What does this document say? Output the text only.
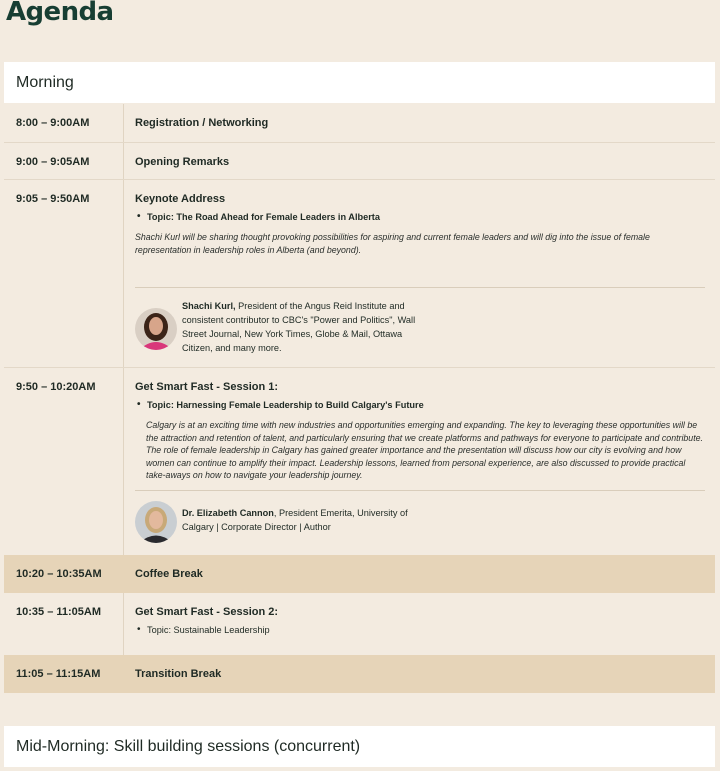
Agenda
Morning
8:00 – 9:00AM	Registration / Networking
9:00 – 9:05AM	Opening Remarks
9:05 – 9:50AM	Keynote Address
• Topic: The Road Ahead for Female Leaders in Alberta
Shachi Kurl will be sharing thought provoking possibilities for aspiring and current female leaders and will dig into the issue of female representation in leadership roles in Alberta (and beyond).
Shachi Kurl, President of the Angus Reid Institute and consistent contributor to CBC's "Power and Politics", Wall Street Journal, New York Times, Globe & Mail, Ottawa Citizen, and many more.
9:50 – 10:20AM	Get Smart Fast - Session 1:
• Topic: Harnessing Female Leadership to Build Calgary's Future
Calgary is at an exciting time with new industries and opportunities emerging and expanding. The key to leveraging these opportunities will be the attraction and retention of talent, and particularly ensuring that we create platforms and pathways for everyone to participate and contribute. The role of female leadership in Calgary has gained greater importance and the presentation will discuss how our city is evolving and how women can continue to amplify their impact. Leadership lessons, learned from personal experience, are also discussed to provide practical take-aways on how to navigate your leadership journey.
Dr. Elizabeth Cannon, President Emerita, University of Calgary | Corporate Director | Author
10:20 – 10:35AM	Coffee Break
10:35 – 11:05AM	Get Smart Fast - Session 2:
• Topic: Sustainable Leadership
11:05 – 11:15AM	Transition Break
Mid-Morning: Skill building sessions (concurrent)
